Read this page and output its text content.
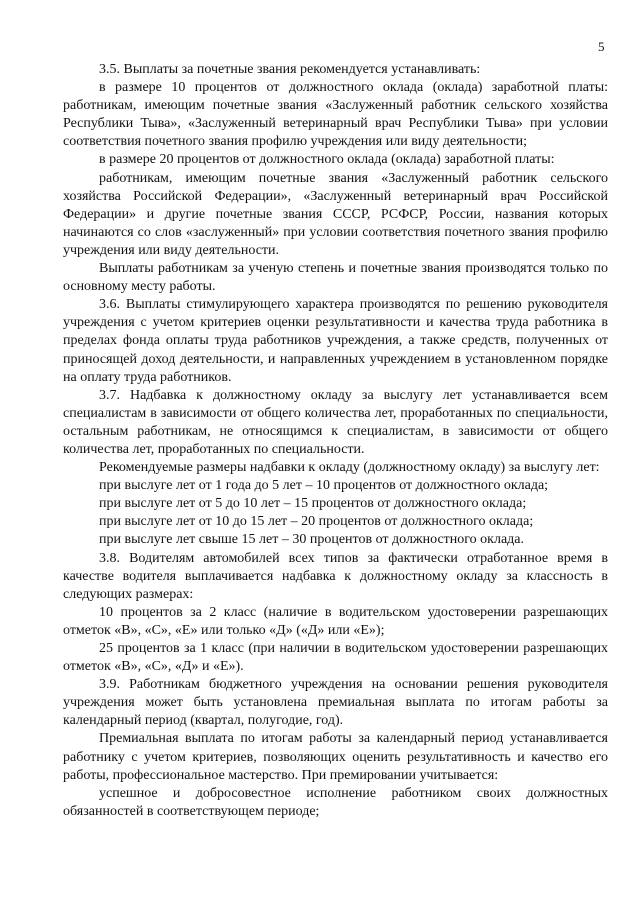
5

3.5. Выплаты за почетные звания рекомендуется устанавливать:

в размере 10 процентов от должностного оклада (оклада) заработной платы: работникам, имеющим почетные звания «Заслуженный работник сельского хозяйства Республики Тыва», «Заслуженный ветеринарный врач Республики Тыва» при условии соответствия почетного звания профилю учреждения или виду деятельности;

в размере 20 процентов от должностного оклада (оклада) заработной платы:

работникам, имеющим почетные звания «Заслуженный работник сельского хозяйства Российской Федерации», «Заслуженный ветеринарный врач Российской Федерации» и другие почетные звания СССР, РСФСР, России, названия которых начинаются со слов «заслуженный» при условии соответствия почетного звания профилю учреждения или виду деятельности.

Выплаты работникам за ученую степень и почетные звания производятся только по основному месту работы.

3.6. Выплаты стимулирующего характера производятся по решению руководителя учреждения с учетом критериев оценки результативности и качества труда работника в пределах фонда оплаты труда работников учреждения, а также средств, полученных от приносящей доход деятельности, и направленных учреждением в установленном порядке на оплату труда работников.

3.7. Надбавка к должностному окладу за выслугу лет устанавливается всем специалистам в зависимости от общего количества лет, проработанных по специальности, остальным работникам, не относящимся к специалистам, в зависимости от общего количества лет, проработанных по специальности.

Рекомендуемые размеры надбавки к окладу (должностному окладу) за выслугу лет:

при выслуге лет от 1 года до 5 лет – 10 процентов от должностного оклада;

при выслуге лет от 5 до 10 лет – 15 процентов от должностного оклада;

при выслуге лет от 10 до 15 лет – 20 процентов от должностного оклада;

при выслуге лет свыше 15 лет – 30 процентов от должностного оклада.

3.8. Водителям автомобилей всех типов за фактически отработанное время в качестве водителя выплачивается надбавка к должностному окладу за классность в следующих размерах:

10 процентов за 2 класс (наличие в водительском удостоверении разрешающих отметок «В», «С», «Е» или только «Д» («Д» или «Е»);

25 процентов за 1 класс (при наличии в водительском удостоверении разрешающих отметок «В», «С», «Д» и «Е»).

3.9. Работникам бюджетного учреждения на основании решения руководителя учреждения может быть установлена премиальная выплата по итогам работы за календарный период (квартал, полугодие, год).

Премиальная выплата по итогам работы за календарный период устанавливается работнику с учетом критериев, позволяющих оценить результативность и качество его работы, профессиональное мастерство. При премировании учитывается:

успешное и добросовестное исполнение работником своих должностных обязанностей в соответствующем периоде;
